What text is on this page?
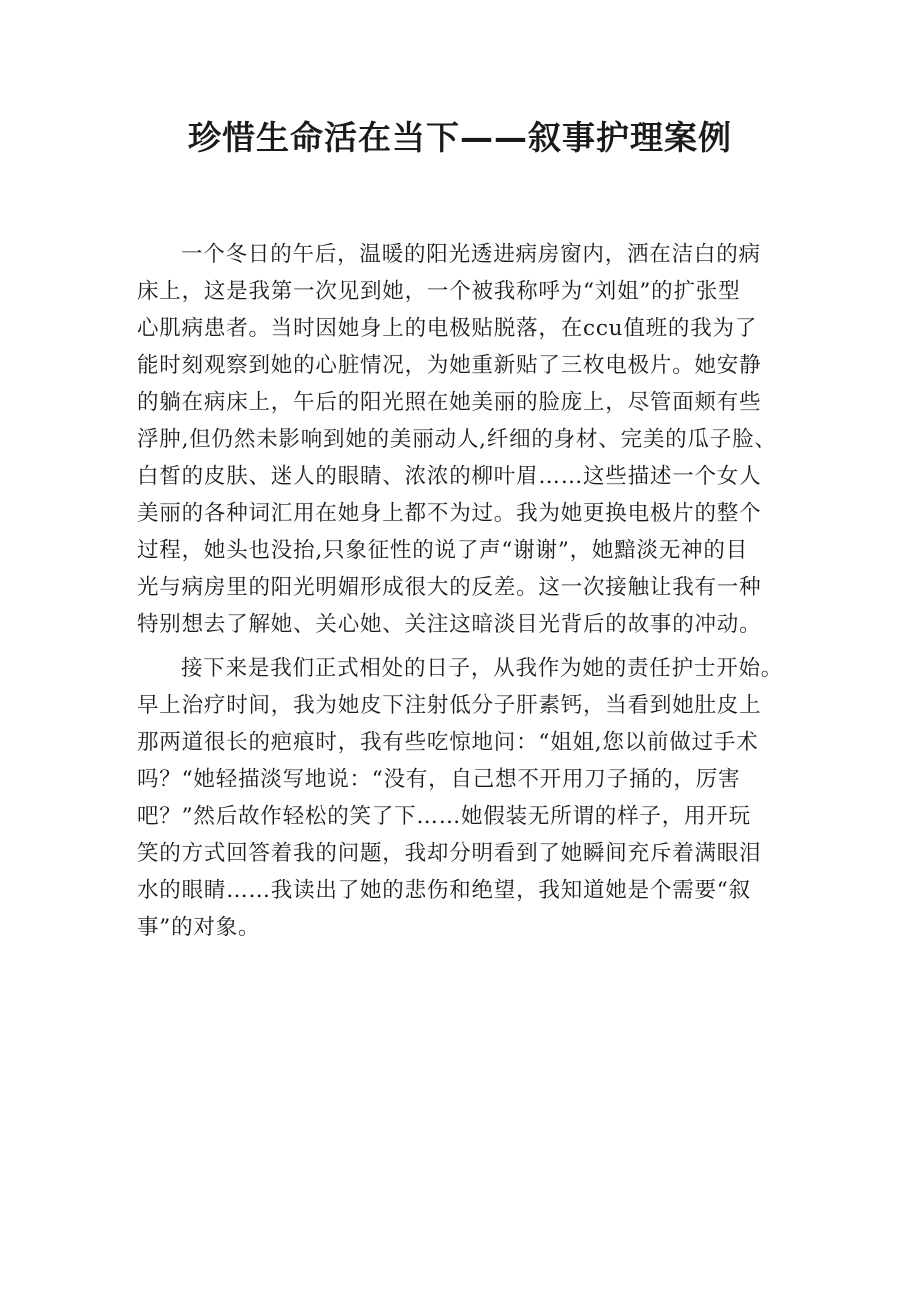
珍惜生命活在当下——叙事护理案例
一个冬日的午后，温暖的阳光透进病房窗内，洒在洁白的病
床上，这是我第一次见到她，一个被我称呼为“刘姐”的扩张型
心肌病患者。当时因她身上的电极贴脱落，在ccu值班的我为了
能时刻观察到她的心脏情况，为她重新贴了三枚电极片。她安静
的躺在病床上，午后的阳光照在她美丽的脸庞上，尽管面颊有些
浮肿,但仍然未影响到她的美丽动人,纤细的身材、完美的瓜子脸、
白皙的皮肤、迷人的眼睛、浓浓的柳叶眉……这些描述一个女人
美丽的各种词汇用在她身上都不为过。我为她更换电极片的整个
过程，她头也没抬,只象征性的说了声“谢谢”，她黯淡无神的目
光与病房里的阳光明媚形成很大的反差。这一次接触让我有一种
特别想去了解她、关心她、关注这暗淡目光背后的故事的冲动。
接下来是我们正式相处的日子，从我作为她的责任护士开始。
早上治疗时间，我为她皮下注射低分子肝素钙，当看到她肚皮上
那两道很长的疤痕时，我有些吃惊地问：“姐姐,您以前做过手术
吗？“她轻描淡写地说：“没有，自己想不开用刀子捅的，厉害
吧？”然后故作轻松的笑了下……她假装无所谓的样子，用开玩
笑的方式回答着我的问题，我却分明看到了她瞬间充斥着满眼泪
水的眼睛……我读出了她的悲伤和绝望，我知道她是个需要“叙
事”的对象。
